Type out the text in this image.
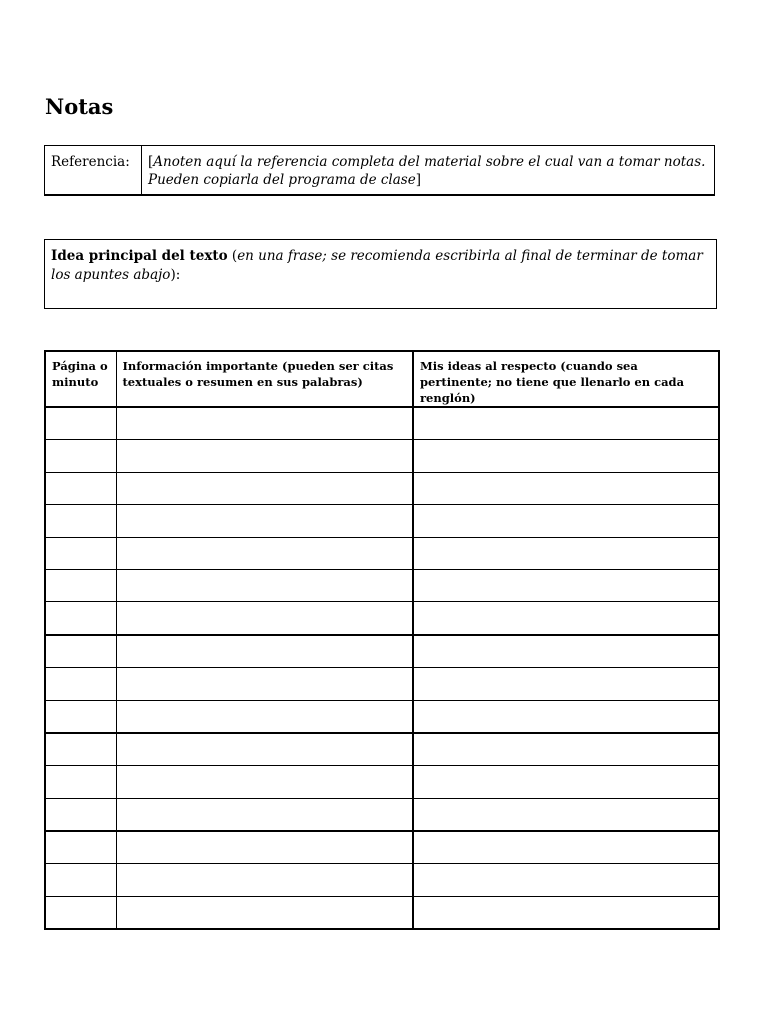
Notas
Referencia:	[Anoten aquí la referencia completa del material sobre el cual van a tomar notas. Pueden copiarla del programa de clase]
Idea principal del texto (en una frase; se recomienda escribirla al final de terminar de tomar los apuntes abajo):
Página o minuto	Información importante (pueden ser citas textuales o resumen en sus palabras)	Mis ideas al respecto (cuando sea pertinente; no tiene que llenarlo en cada renglón)
